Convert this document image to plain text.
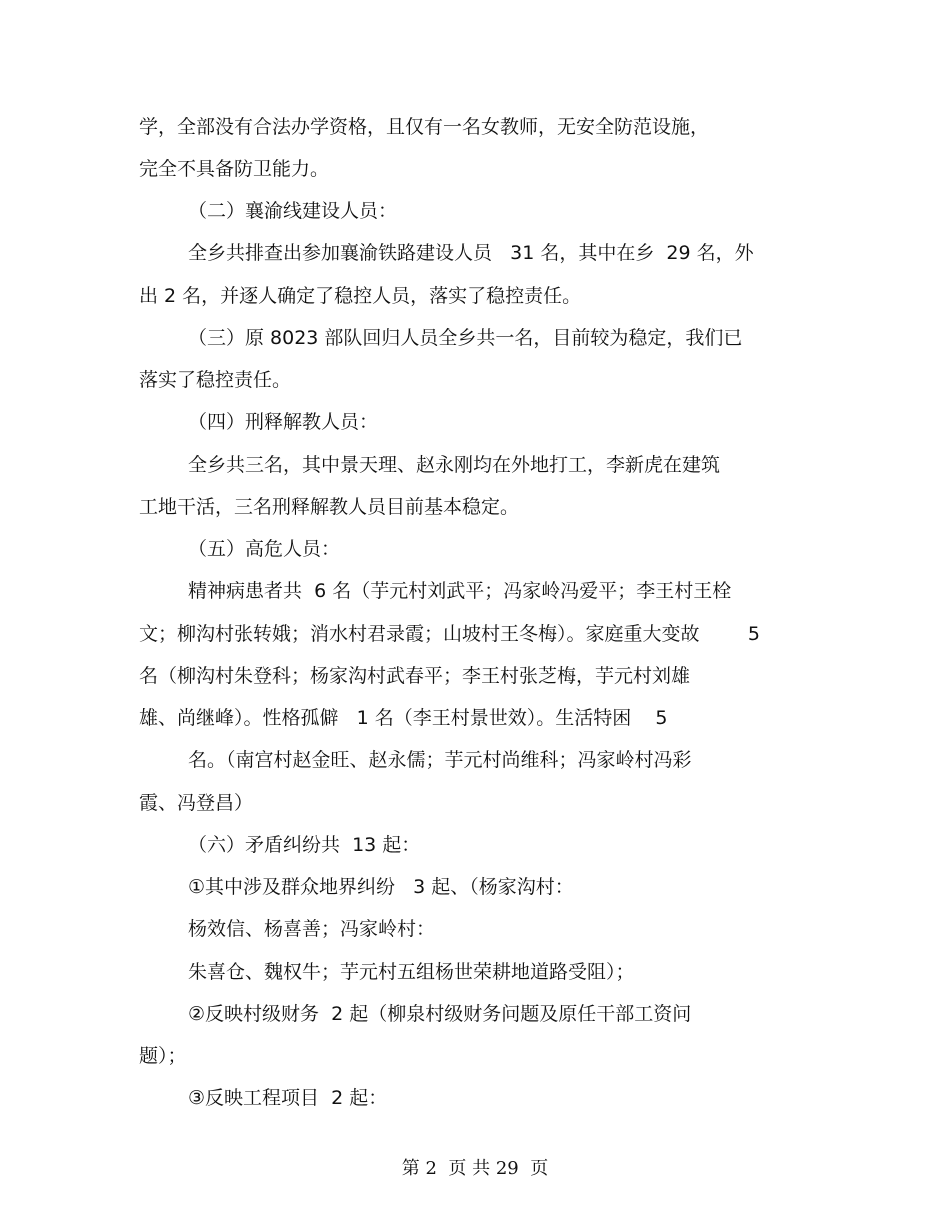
学，全部没有合法办学资格，且仅有一名女教师，无安全防范设施，
完全不具备防卫能力。
（二）襄渝线建设人员：
全乡共排查出参加襄渝铁路建设人员   31 名，其中在乡  29 名，外
出 2 名，并逐人确定了稳控人员，落实了稳控责任。
（三）原 8023 部队回归人员全乡共一名，目前较为稳定，我们已
落实了稳控责任。
（四）刑释解教人员：
全乡共三名，其中景天理、赵永刚均在外地打工，李新虎在建筑
工地干活，三名刑释解教人员目前基本稳定。
（五）高危人员：
精神病患者共  6 名（芋元村刘武平；冯家岭冯爱平；李王村王栓
文；柳沟村张转娥；消水村君录霞；山坡村王冬梅）。家庭重大变故        5
名（柳沟村朱登科；杨家沟村武春平；李王村张芝梅，芋元村刘雄
雄、尚继峰）。性格孤僻   1 名（李王村景世效）。生活特困    5
名。（南宫村赵金旺、赵永儒；芋元村尚维科；冯家岭村冯彩
霞、冯登昌）
（六）矛盾纠纷共  13 起：
①其中涉及群众地界纠纷   3 起、（杨家沟村：
杨效信、杨喜善；冯家岭村：
朱喜仓、魏权牛；芋元村五组杨世荣耕地道路受阻）；
②反映村级财务  2 起（柳泉村级财务问题及原任干部工资问
题）；
③反映工程项目  2 起：
第 2  页 共 29  页
